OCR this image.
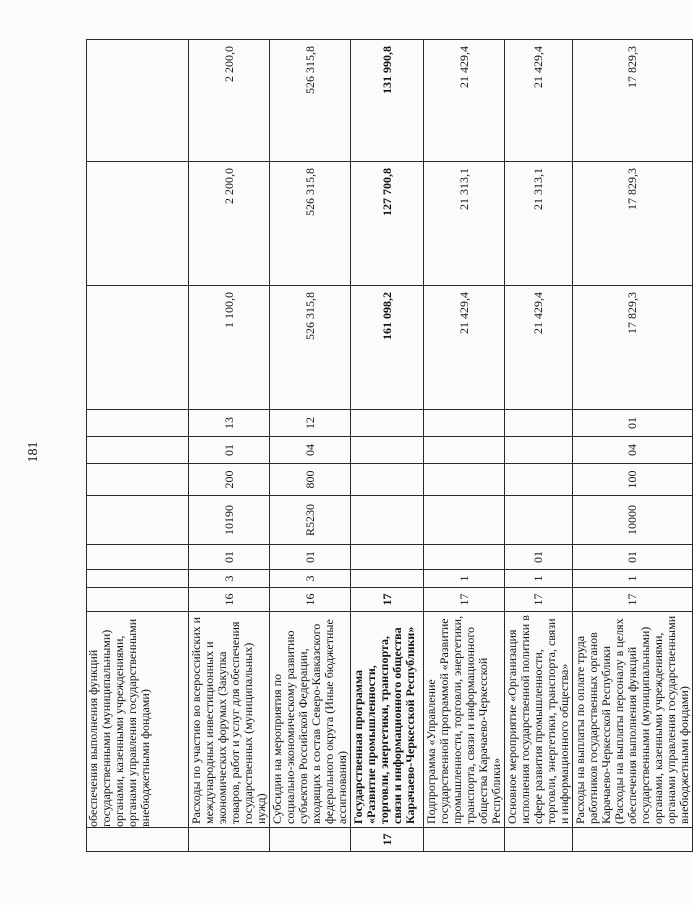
181
	обеспечения выполнения функций государственными (муниципальными) органами, казенными учреждениями, органами управления государственными внебюджетными фондами)										
	Расходы по участию во всероссийских и международных инвестиционных и экономических форумах (Закупка товаров, работ и услуг для обеспечения государственных (муниципальных) нужд)	16	3	01	10190	200	01	13	1 100,0	2 200,0	2 200,0
	Субсидии на мероприятия по социально-экономическому развитию субъектов Российской Федерации, входящих в состав Северо-Кавказского федерального округа (Иные бюджетные ассигнования)	16	3	01	R5230	800	04	12	526 315,8	526 315,8	526 315,8
17	Государственная программа «Развитие промышленности, торговли, энергетики, транспорта, связи и информационного общества Карачаево-Черкесской Республики»	17							161 098,2	127 700,8	131 990,8
	Подпрограмма «Управление государственной программой «Развитие промышленности, торговли, энергетики, транспорта, связи и информационного общества Карачаево-Черкесской Республики»	17	1						21 429,4	21 313,1	21 429,4
	Основное мероприятие «Организация исполнения государственной политики в сфере развития промышленности, торговли, энергетики, транспорта, связи и информационного общества»	17	1	01					21 429,4	21 313,1	21 429,4
	Расходы на выплаты по оплате труда работников государственных органов Карачаево-Черкесской Республики (Расходы на выплаты персоналу в целях обеспечения выполнения функций государственными (муниципальными) органами, казенными учреждениями, органами управления государственными внебюджетными фондами)	17	1	01	10000	100	04	01	17 829,3	17 829,3	17 829,3
